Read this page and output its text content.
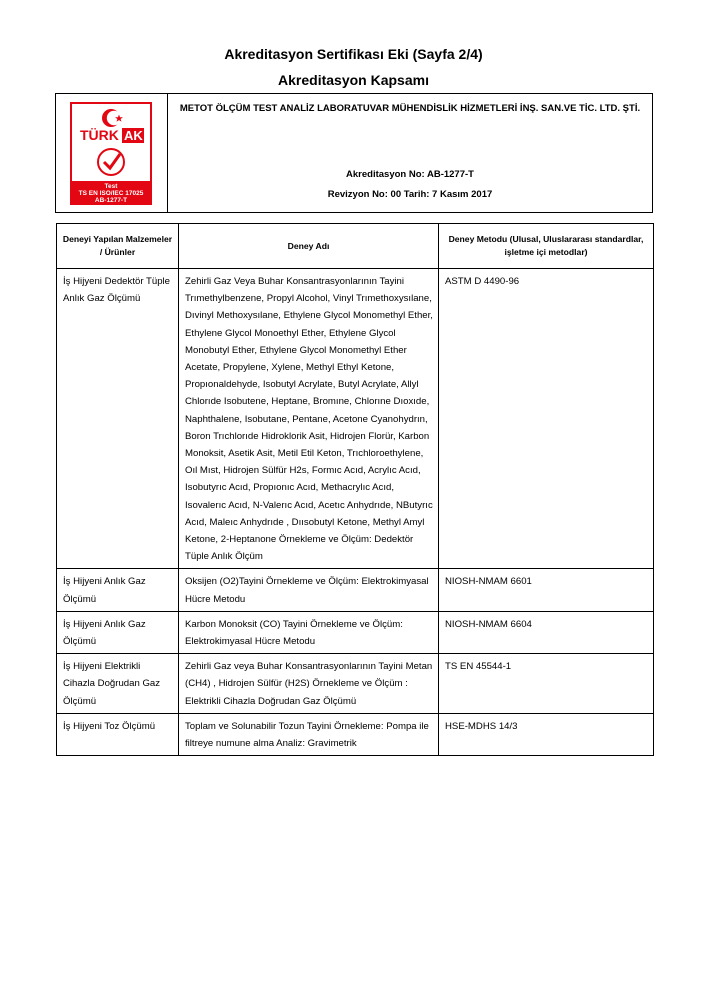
Akreditasyon Sertifikası Eki (Sayfa 2/4)
Akreditasyon Kapsamı
TÜRK AK
Test
TS EN ISO/IEC 17025
AB-1277-T
METOT ÖLÇÜM TEST ANALİZ LABORATUVAR MÜHENDİSLİK HİZMETLERİ İNŞ. SAN.VE TİC. LTD. ŞTİ.
Akreditasyon No: AB-1277-T
Revizyon No: 00 Tarih: 7 Kasım 2017
Deneyi Yapılan Malzemeler / Ürünler	Deney Adı	Deney Metodu (Ulusal, Uluslararası standardlar, işletme içi metodlar)
İş Hijyeni Dedektör Tüple Anlık Gaz Ölçümü	Zehirli Gaz Veya Buhar Konsantrasyonlarının Tayini Trımethylbenzene, Propyl Alcohol, Vinyl Trımethoxysılane, Dıvinyl Methoxysılane, Ethylene Glycol Monomethyl Ether, Ethylene Glycol Monoethyl Ether, Ethylene Glycol Monobutyl Ether, Ethylene Glycol Monomethyl Ether Acetate, Propylene, Xylene, Methyl Ethyl Ketone, Propıonaldehyde, Isobutyl Acrylate, Butyl Acrylate, Allyl Chlorıde Isobutene, Heptane, Bromıne, Chlorıne Dıoxıde, Naphthalene, Isobutane, Pentane, Acetone Cyanohydrın, Boron Trıchlorıde Hidroklorik Asit, Hidrojen Florür, Karbon Monoksit, Asetik Asit, Metil Etil Keton, Trıchloroethylene, Oıl Mıst, Hidrojen Sülfür H2s, Formıc Acıd, Acrylıc Acıd, Isobutyrıc Acıd, Propıonıc Acıd, Methacrylıc Acıd, Isovalerıc Acıd, N-Valerıc Acıd, Acetıc Anhydrıde, NButyrıc Acıd, Maleıc Anhydrıde , Dıısobutyl Ketone, Methyl Amyl Ketone, 2-Heptanone Örnekleme ve Ölçüm: Dedektör Tüple Anlık Ölçüm	ASTM D 4490-96
İş Hijyeni Anlık Gaz Ölçümü	Oksijen (O2)Tayini Örnekleme ve Ölçüm: Elektrokimyasal Hücre Metodu	NIOSH-NMAM 6601
İş Hijyeni Anlık Gaz Ölçümü	Karbon Monoksit (CO) Tayini Örnekleme ve Ölçüm: Elektrokimyasal Hücre Metodu	NIOSH-NMAM 6604
İş Hijyeni Elektrikli Cihazla Doğrudan Gaz Ölçümü	Zehirli Gaz veya Buhar Konsantrasyonlarının Tayini Metan (CH4) , Hidrojen Sülfür (H2S) Örnekleme ve Ölçüm : Elektrikli Cihazla Doğrudan Gaz Ölçümü	TS EN 45544-1
İş Hijyeni Toz Ölçümü	Toplam ve Solunabilir Tozun Tayini Örnekleme: Pompa ile filtreye numune alma Analiz: Gravimetrik	HSE-MDHS 14/3
